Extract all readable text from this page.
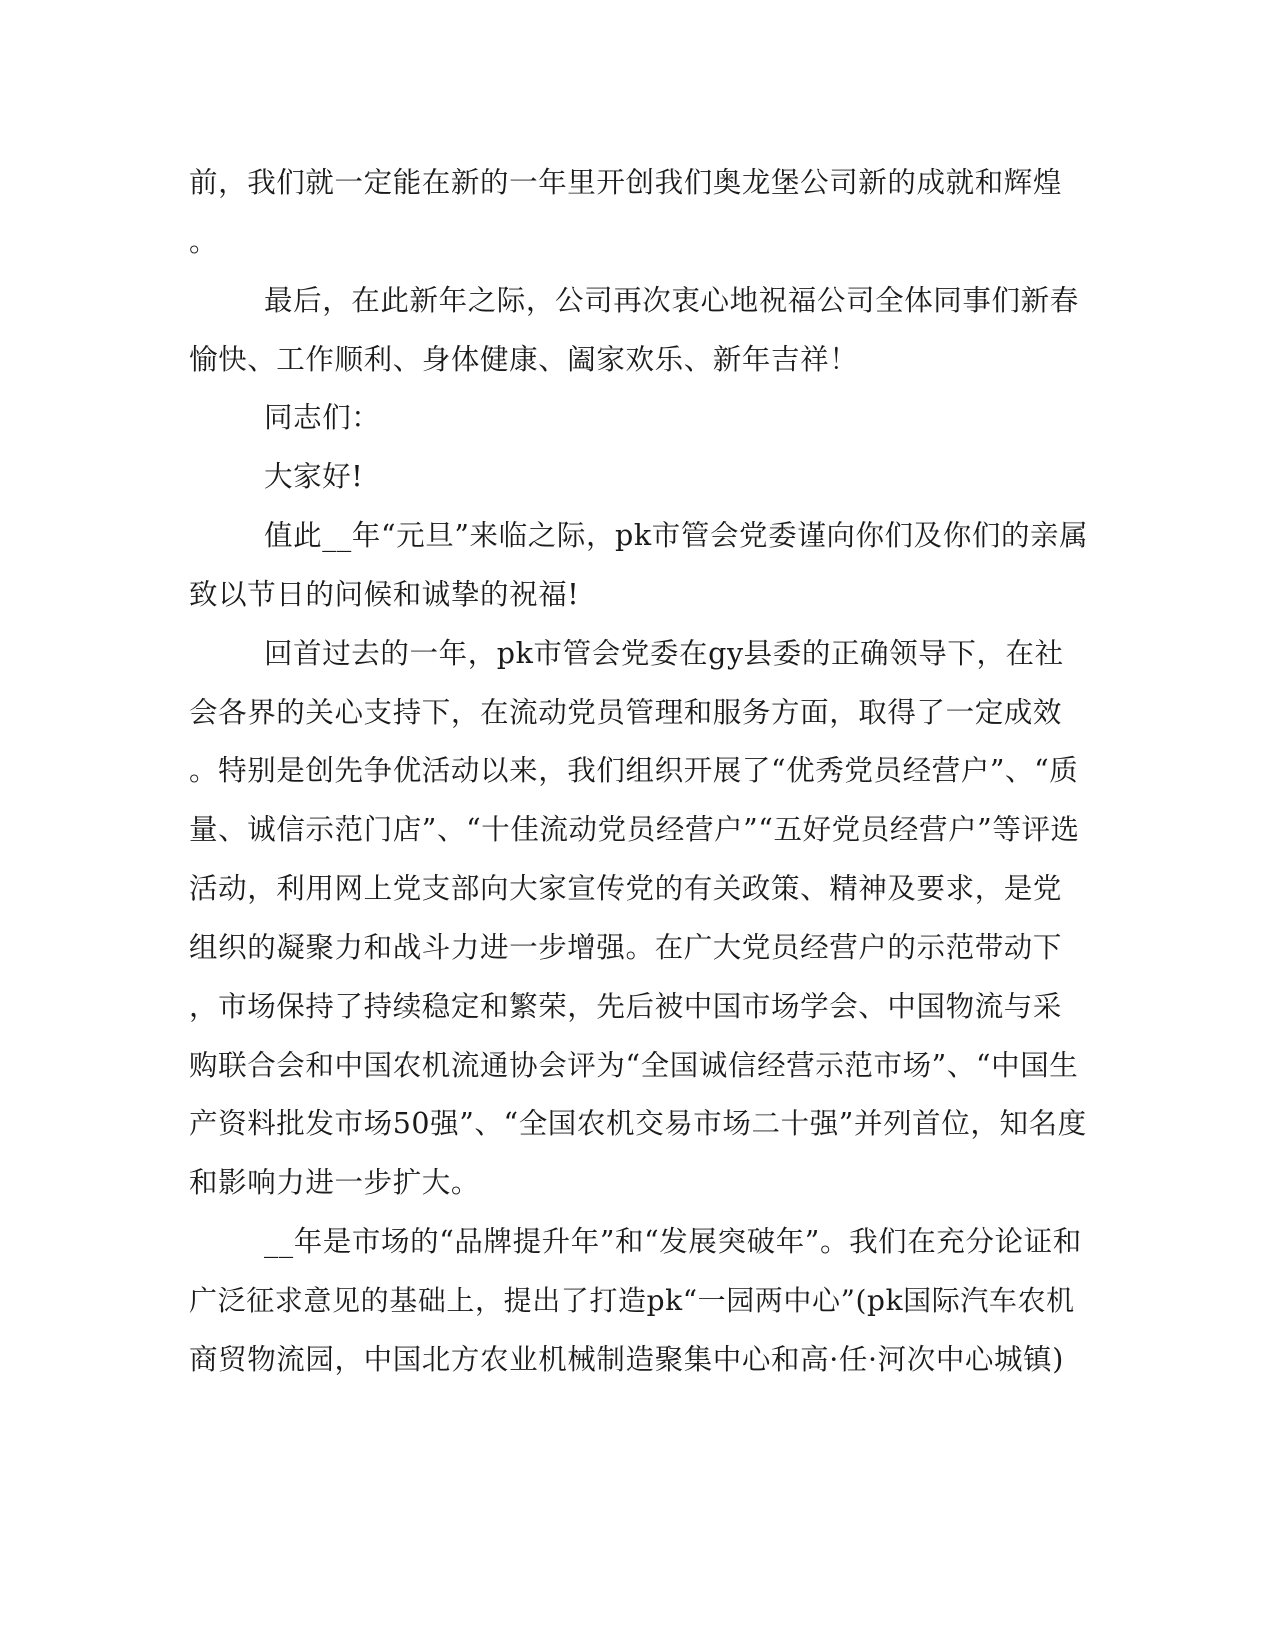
前，我们就一定能在新的一年里开创我们奥龙堡公司新的成就和辉煌
。
最后，在此新年之际，公司再次衷心地祝福公司全体同事们新春
愉快、工作顺利、身体健康、阖家欢乐、新年吉祥！
同志们：
大家好!
值此__年“元旦”来临之际，pk市管会党委谨向你们及你们的亲属
致以节日的问候和诚挚的祝福!
回首过去的一年，pk市管会党委在gy县委的正确领导下，在社
会各界的关心支持下，在流动党员管理和服务方面，取得了一定成效
。特别是创先争优活动以来，我们组织开展了“优秀党员经营户”、“质
量、诚信示范门店”、“十佳流动党员经营户”“五好党员经营户”等评选
活动，利用网上党支部向大家宣传党的有关政策、精神及要求，是党
组织的凝聚力和战斗力进一步增强。在广大党员经营户的示范带动下
，市场保持了持续稳定和繁荣，先后被中国市场学会、中国物流与采
购联合会和中国农机流通协会评为“全国诚信经营示范市场”、“中国生
产资料批发市场50强”、“全国农机交易市场二十强”并列首位，知名度
和影响力进一步扩大。
__年是市场的“品牌提升年”和“发展突破年”。我们在充分论证和
广泛征求意见的基础上，提出了打造pk“一园两中心”(pk国际汽车农机
商贸物流园，中国北方农业机械制造聚集中心和高·任·河次中心城镇)
